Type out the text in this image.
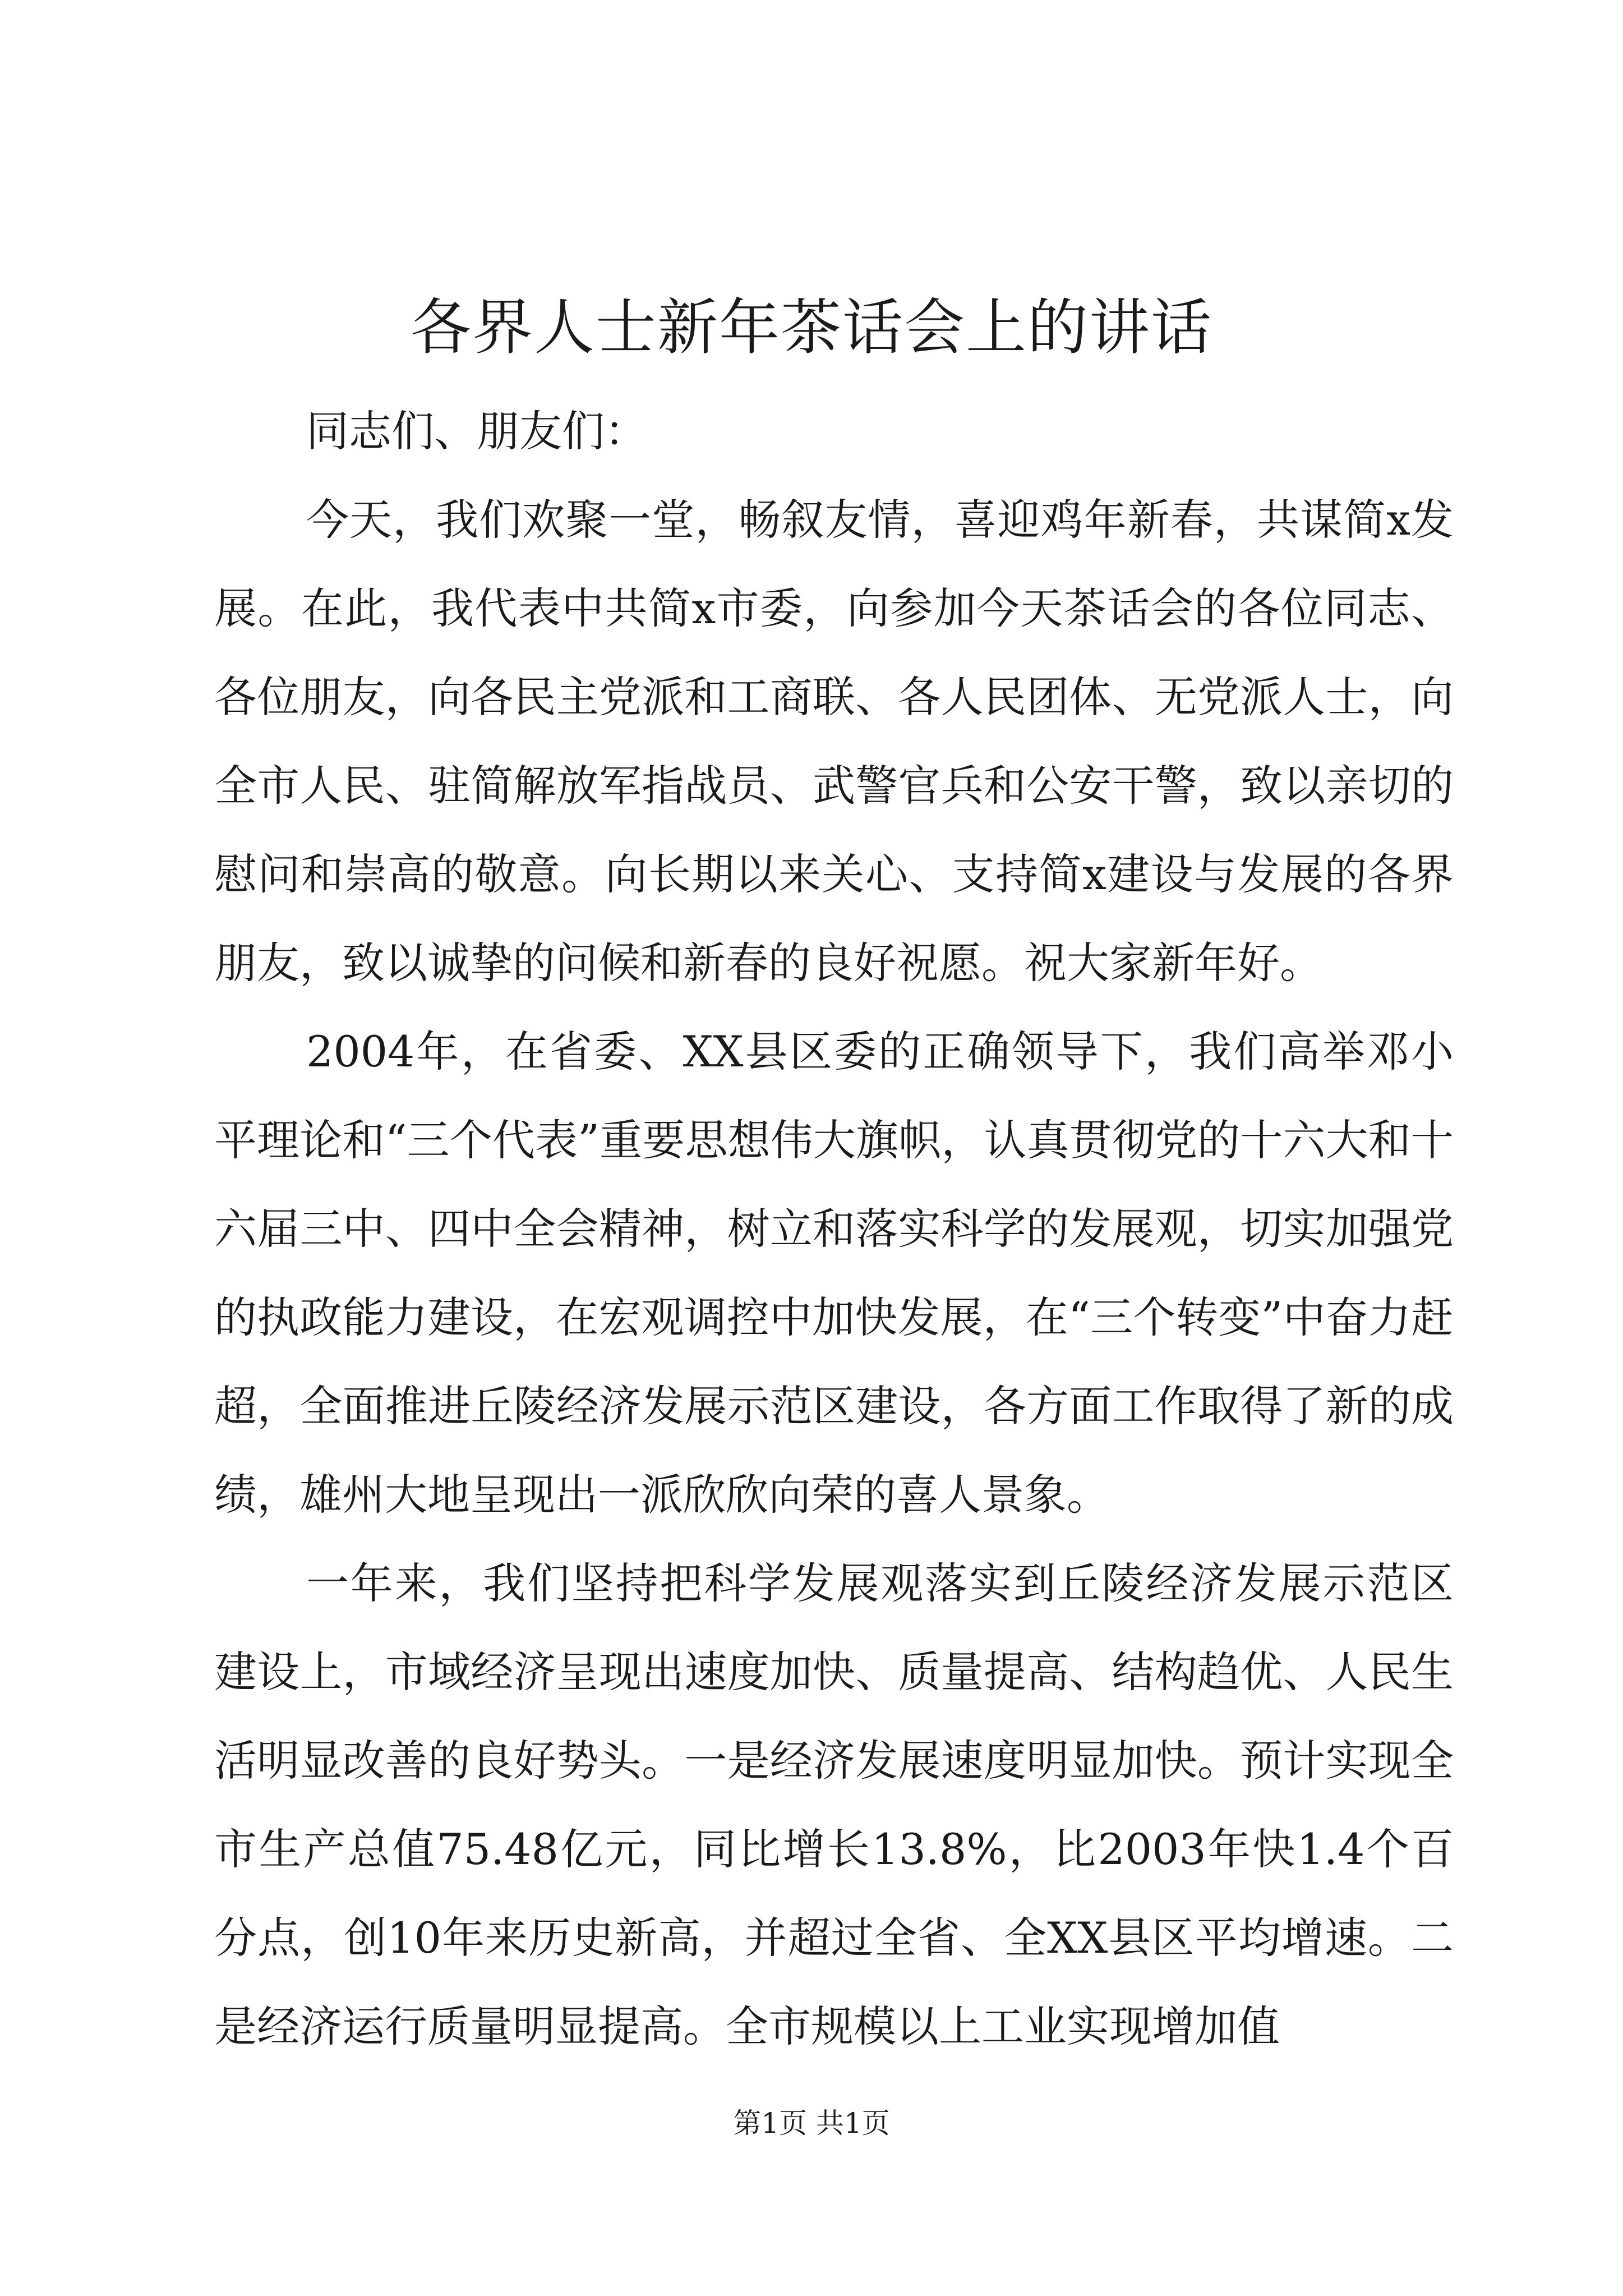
各界人士新年茶话会上的讲话

同志们、朋友们：

今天，我们欢聚一堂，畅叙友情，喜迎鸡年新春，共谋简x发展。在此，我代表中共简x市委，向参加今天茶话会的各位同志、各位朋友，向各民主党派和工商联、各人民团体、无党派人士，向全市人民、驻简解放军指战员、武警官兵和公安干警，致以亲切的慰问和崇高的敬意。向长期以来关心、支持简x建设与发展的各界朋友，致以诚挚的问候和新春的良好祝愿。祝大家新年好。

2004年，在省委、XX县区委的正确领导下，我们高举邓小平理论和“三个代表”重要思想伟大旗帜，认真贯彻党的十六大和十六届三中、四中全会精神，树立和落实科学的发展观，切实加强党的执政能力建设，在宏观调控中加快发展，在“三个转变”中奋力赶超，全面推进丘陵经济发展示范区建设，各方面工作取得了新的成绩，雄州大地呈现出一派欣欣向荣的喜人景象。

一年来，我们坚持把科学发展观落实到丘陵经济发展示范区建设上，市域经济呈现出速度加快、质量提高、结构趋优、人民生活明显改善的良好势头。一是经济发展速度明显加快。预计实现全市生产总值75.48亿元，同比增长13.8%，比2003年快1.4个百分点，创10年来历史新高，并超过全省、全XX县区平均增速。二是经济运行质量明显提高。全市规模以上工业实现增加值

第1页 共1页
